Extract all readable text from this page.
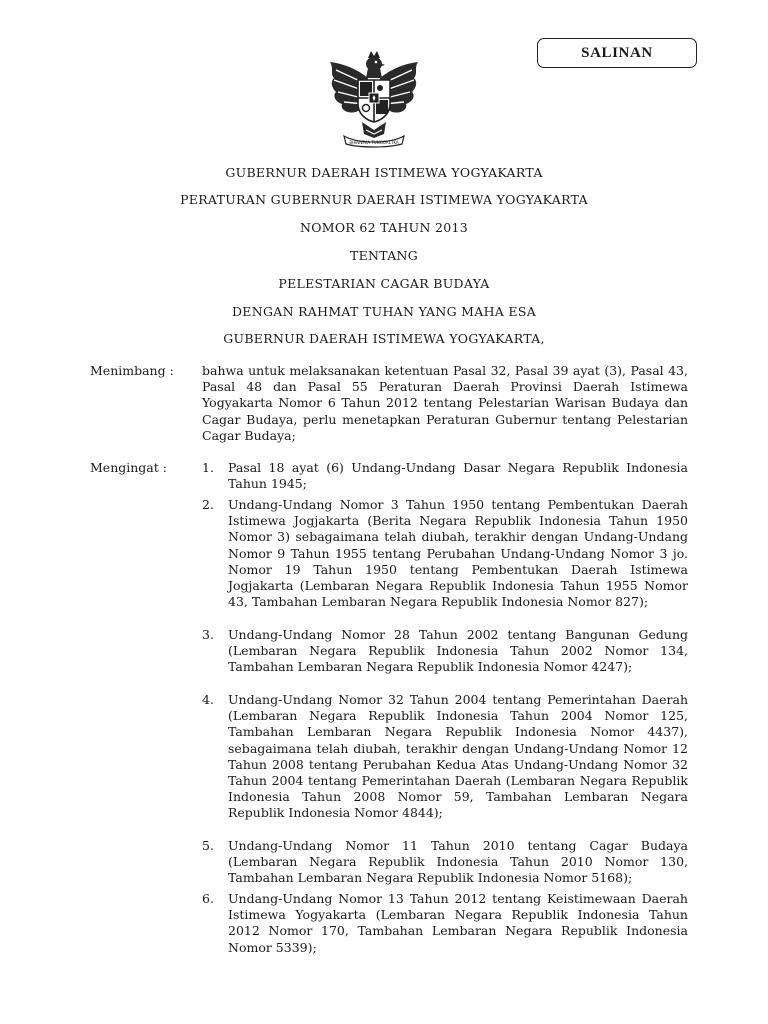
SALINAN
BHINNEKA TUNGGAL IKA
GUBERNUR DAERAH ISTIMEWA YOGYAKARTA
PERATURAN GUBERNUR DAERAH ISTIMEWA YOGYAKARTA
NOMOR 62 TAHUN 2013
TENTANG
PELESTARIAN CAGAR BUDAYA
DENGAN RAHMAT TUHAN YANG MAHA ESA
GUBERNUR DAERAH ISTIMEWA YOGYAKARTA,
Menimbang : bahwa untuk melaksanakan ketentuan Pasal 32, Pasal 39 ayat (3), Pasal 43, Pasal 48 dan Pasal 55 Peraturan Daerah Provinsi Daerah Istimewa Yogyakarta Nomor 6 Tahun 2012 tentang Pelestarian Warisan Budaya dan Cagar Budaya, perlu menetapkan Peraturan Gubernur tentang Pelestarian Cagar Budaya;
Mengingat :	1.	Pasal 18 ayat (6) Undang-Undang Dasar Negara Republik Indonesia Tahun 1945;
2.	Undang-Undang Nomor 3 Tahun 1950 tentang Pembentukan Daerah Istimewa Jogjakarta (Berita Negara Republik Indonesia Tahun 1950 Nomor 3) sebagaimana telah diubah, terakhir dengan Undang-Undang Nomor 9 Tahun 1955 tentang Perubahan Undang-Undang Nomor 3 jo. Nomor 19 Tahun 1950 tentang Pembentukan Daerah Istimewa Jogjakarta (Lembaran Negara Republik Indonesia Tahun 1955 Nomor 43, Tambahan Lembaran Negara Republik Indonesia Nomor 827);
3.	Undang-Undang Nomor 28 Tahun 2002 tentang Bangunan Gedung (Lembaran Negara Republik Indonesia Tahun 2002 Nomor 134, Tambahan Lembaran Negara Republik Indonesia Nomor 4247);
4.	Undang-Undang Nomor 32 Tahun 2004 tentang Pemerintahan Daerah (Lembaran Negara Republik Indonesia Tahun 2004 Nomor 125, Tambahan Lembaran Negara Republik Indonesia Nomor 4437), sebagaimana telah diubah, terakhir dengan Undang-Undang Nomor 12 Tahun 2008 tentang Perubahan Kedua Atas Undang-Undang Nomor 32 Tahun 2004 tentang Pemerintahan Daerah (Lembaran Negara Republik Indonesia Tahun 2008 Nomor 59, Tambahan Lembaran Negara Republik Indonesia Nomor 4844);
5.	Undang-Undang Nomor 11 Tahun 2010 tentang Cagar Budaya (Lembaran Negara Republik Indonesia Tahun 2010 Nomor 130, Tambahan Lembaran Negara Republik Indonesia Nomor 5168);
6.	Undang-Undang Nomor 13 Tahun 2012 tentang Keistimewaan Daerah Istimewa Yogyakarta (Lembaran Negara Republik Indonesia Tahun 2012 Nomor 170, Tambahan Lembaran Negara Republik Indonesia Nomor 5339);
